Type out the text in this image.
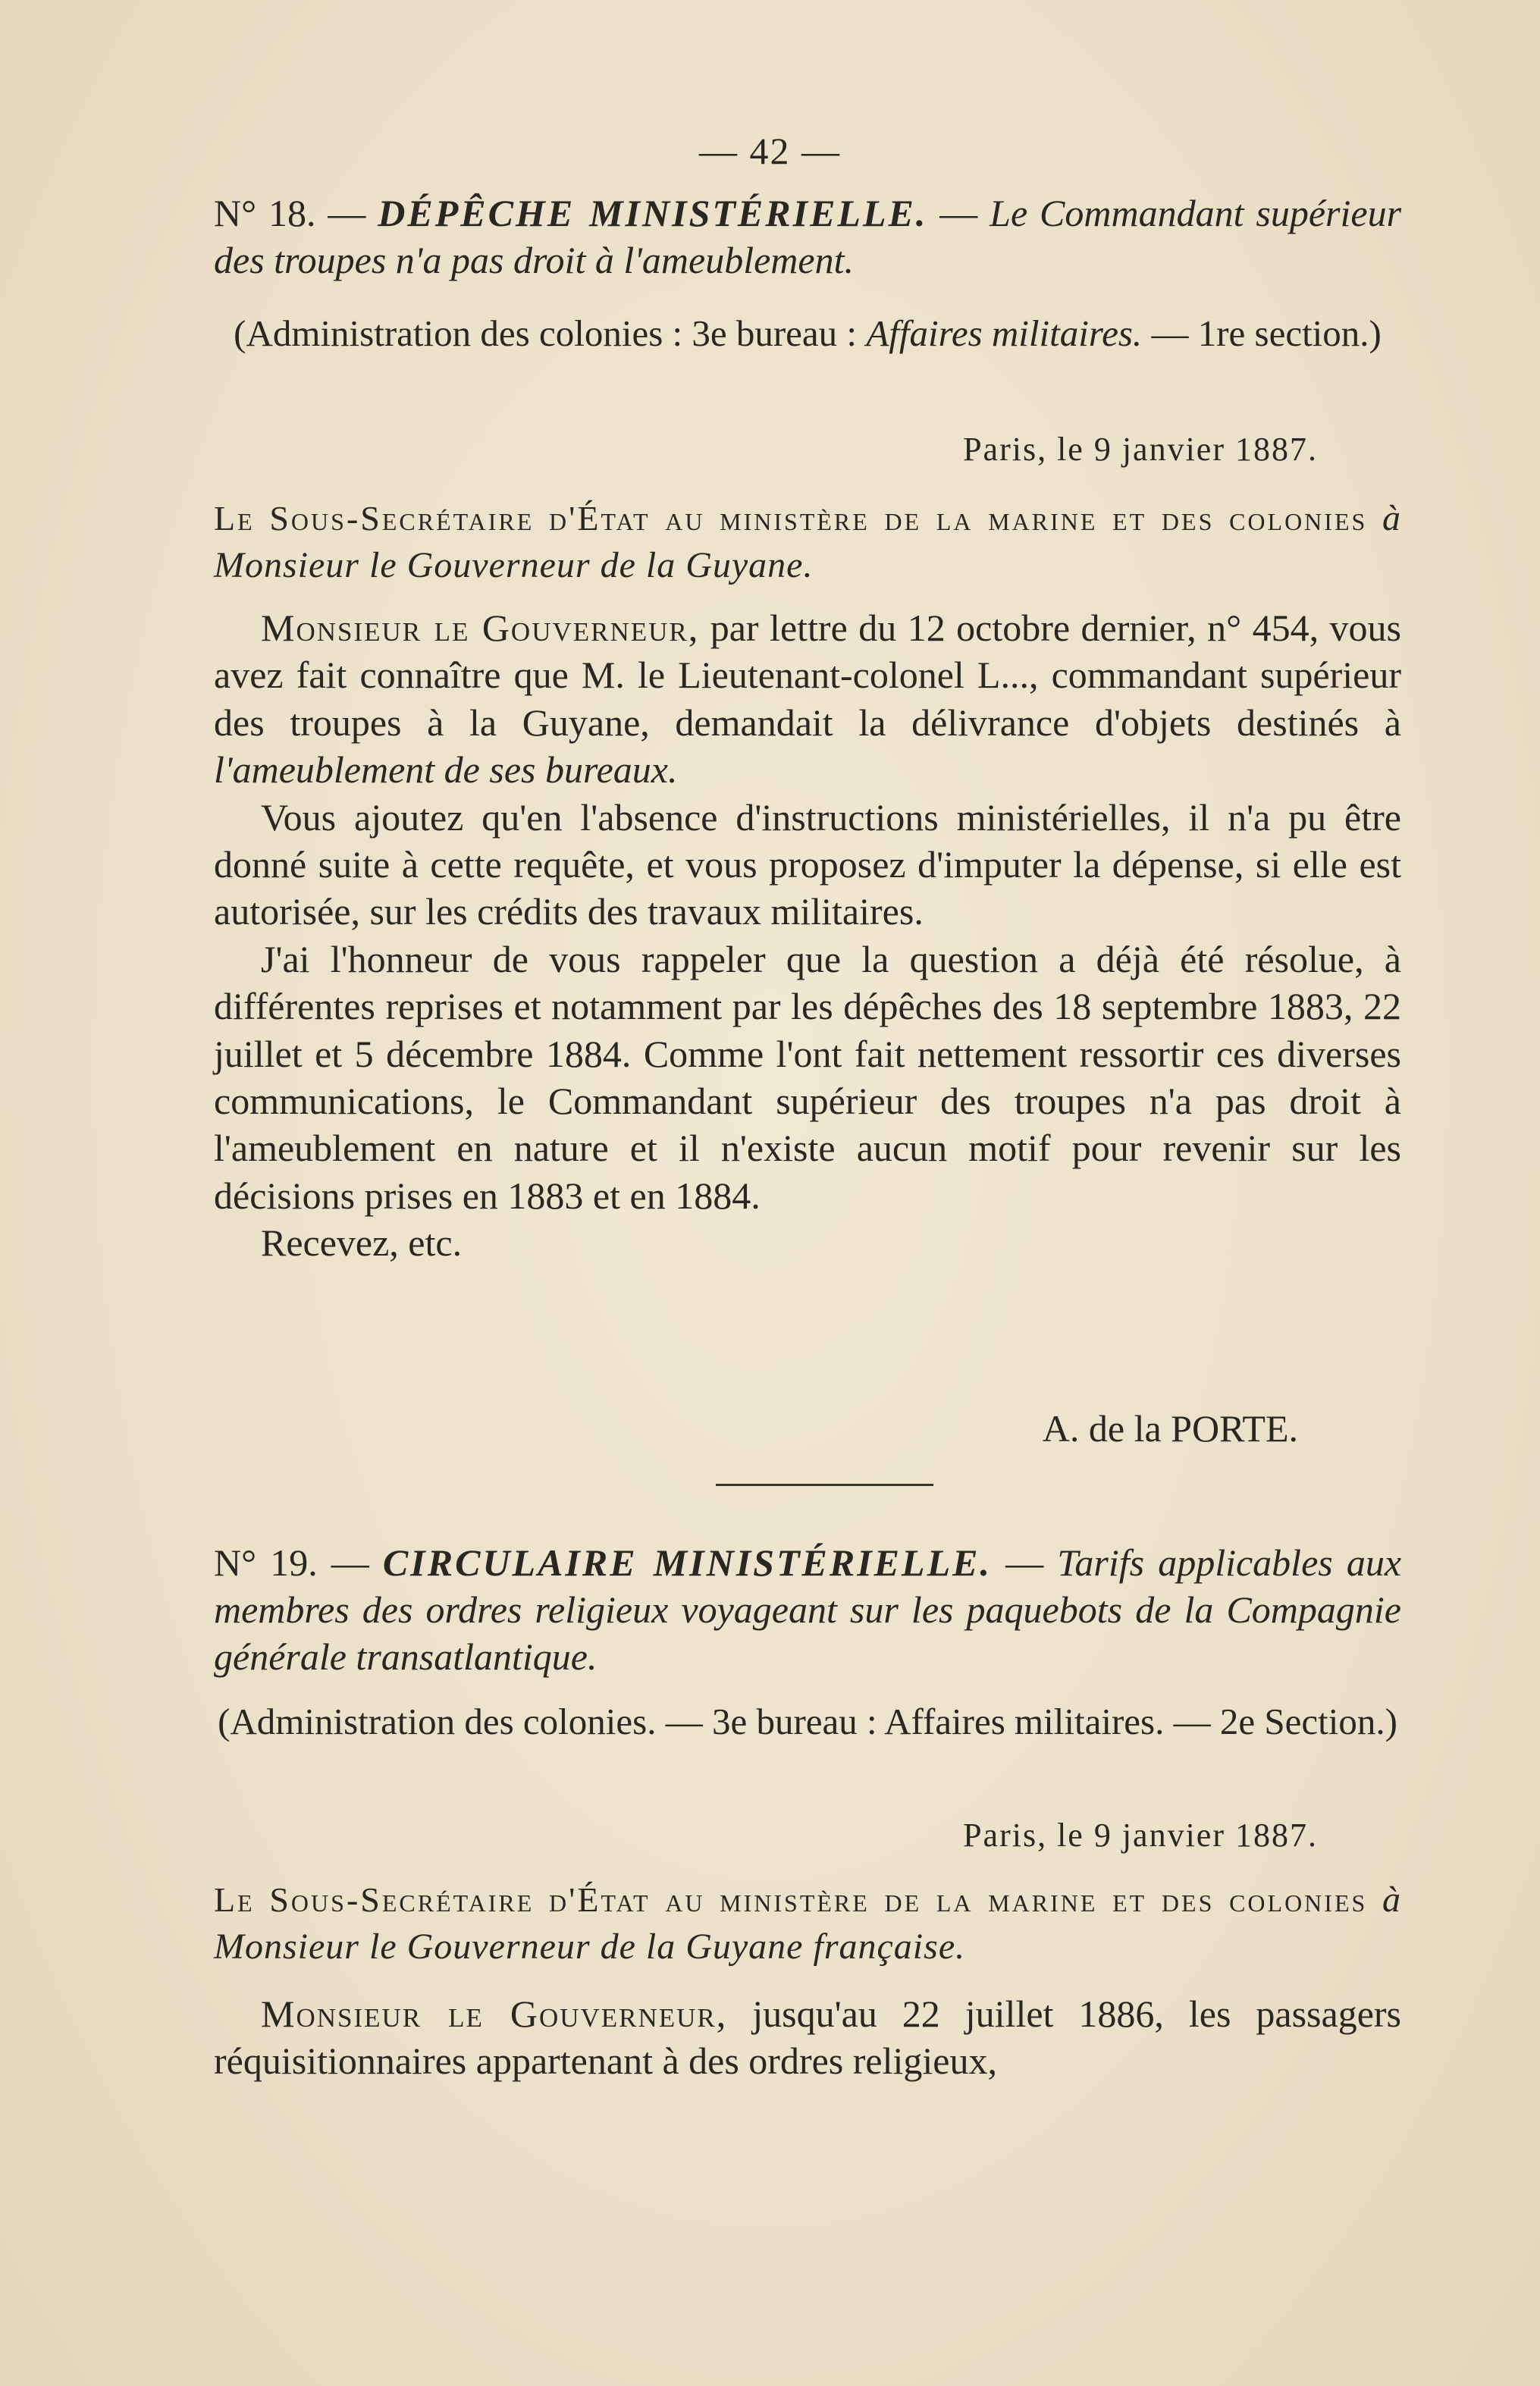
— 42 —

N° 18. — DÉPÊCHE MINISTÉRIELLE. — Le Commandant supérieur des troupes n'a pas droit à l'ameublement.

(Administration des colonies : 3e bureau : Affaires militaires. — 1re section.)

Paris, le 9 janvier 1887.

Le Sous-Secrétaire d'État au ministère de la marine et des colonies à Monsieur le Gouverneur de la Guyane.

Monsieur le Gouverneur, par lettre du 12 octobre dernier, n° 454, vous avez fait connaître que M. le Lieutenant-colonel L..., commandant supérieur des troupes à la Guyane, demandait la délivrance d'objets destinés à l'ameublement de ses bureaux.

Vous ajoutez qu'en l'absence d'instructions ministérielles, il n'a pu être donné suite à cette requête, et vous proposez d'imputer la dépense, si elle est autorisée, sur les crédits des travaux militaires.

J'ai l'honneur de vous rappeler que la question a déjà été résolue, à différentes reprises et notamment par les dépêches des 18 septembre 1883, 22 juillet et 5 décembre 1884. Comme l'ont fait nettement ressortir ces diverses communications, le Commandant supérieur des troupes n'a pas droit à l'ameublement en nature et il n'existe aucun motif pour revenir sur les décisions prises en 1883 et en 1884.

Recevez, etc.

A. de la PORTE.

N° 19. — CIRCULAIRE MINISTÉRIELLE. — Tarifs applicables aux membres des ordres religieux voyageant sur les paquebots de la Compagnie générale transatlantique.

(Administration des colonies. — 3e bureau : Affaires militaires. — 2e Section.)

Paris, le 9 janvier 1887.

Le Sous-Secrétaire d'État au ministère de la marine et des colonies à Monsieur le Gouverneur de la Guyane française.

Monsieur le Gouverneur, jusqu'au 22 juillet 1886, les passagers réquisitionnaires appartenant à des ordres religieux,
